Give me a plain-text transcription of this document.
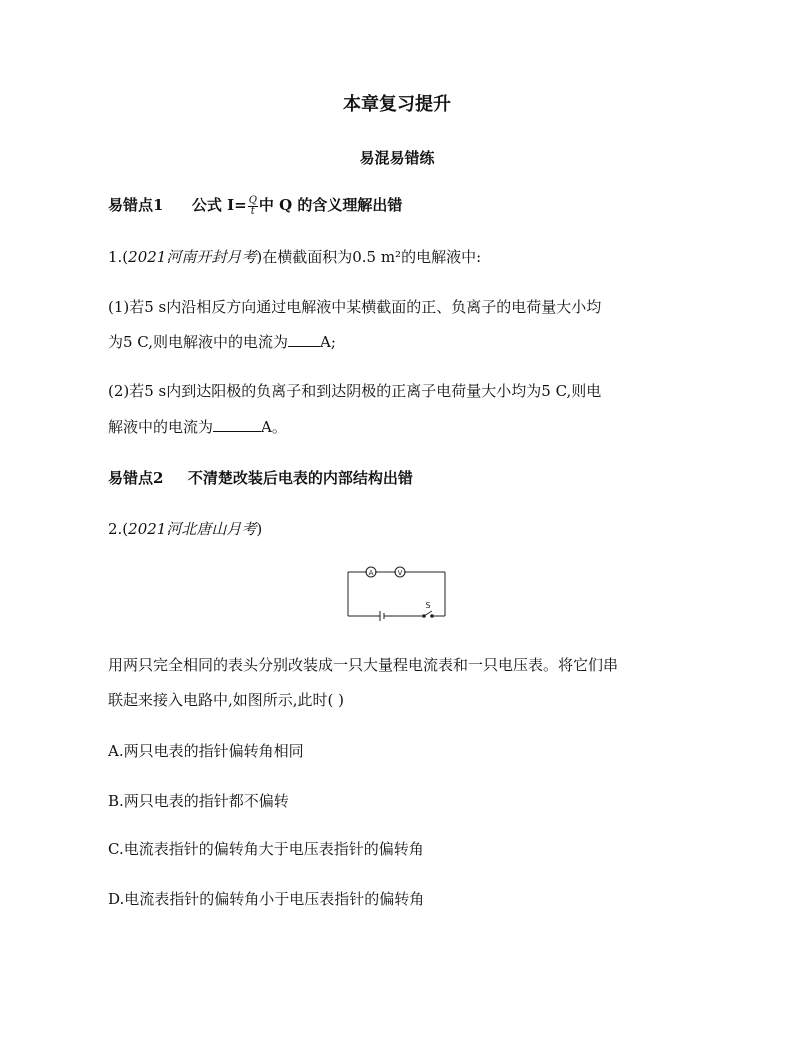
本章复习提升
易混易错练
易错点1 公式 $I= \frac{Q}{t}$ 中 Q 的含义理解出错
1.(2021河南开封月考)在横截面积为0.5 m²的电解液中:
(1)若5 s内沿相反方向通过电解液中某横截面的正、负离子的电荷量大小均
为5 C,则电解液中的电流为 A;
(2)若5 s内到达阳极的负离子和到达阴极的正离子电荷量大小均为5 C,则电
解液中的电流为	A。
易错点2 不清楚改装后电表的内部结构出错
2.(2021河北唐山月考)
A	V
S
用两只完全相同的表头分别改装成一只大量程电流表和一只电压表。将它们串
联起来接入电路中,如图所示,此时( )
A.两只电表的指针偏转角相同
B.两只电表的指针都不偏转
C.电流表指针的偏转角大于电压表指针的偏转角
D.电流表指针的偏转角小于电压表指针的偏转角
